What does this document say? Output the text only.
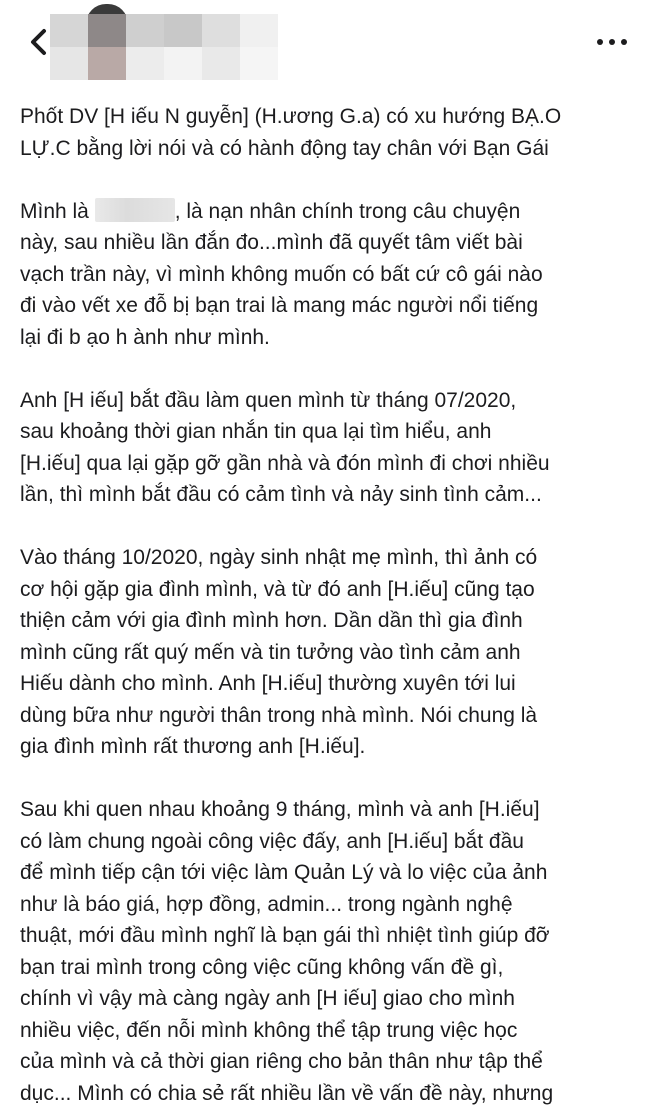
Phốt DV [H iếu N guyễn] (H.ương G.a) có xu hướng BẠ.O
LỰ.C bằng lời nói và có hành động tay chân với Bạn Gái
Mình là	, là nạn nhân chính trong câu chuyện
này, sau nhiều lần đắn đo...mình đã quyết tâm viết bài
vạch trần này, vì mình không muốn có bất cứ cô gái nào
đi vào vết xe đỗ bị bạn trai là mang mác người nổi tiếng
lại đi b ạo h ành như mình.
Anh [H iếu] bắt đầu làm quen mình từ tháng 07/2020,
sau khoảng thời gian nhắn tin qua lại tìm hiểu, anh
[H.iếu] qua lại gặp gỡ gần nhà và đón mình đi chơi nhiều
lần, thì mình bắt đầu có cảm tình và nảy sinh tình cảm...
Vào tháng 10/2020, ngày sinh nhật mẹ mình, thì ảnh có
cơ hội gặp gia đình mình, và từ đó anh [H.iếu] cũng tạo
thiện cảm với gia đình mình hơn. Dần dần thì gia đình
mình cũng rất quý mến và tin tưởng vào tình cảm anh
Hiếu dành cho mình. Anh [H.iếu] thường xuyên tới lui
dùng bữa như người thân trong nhà mình. Nói chung là
gia đình mình rất thương anh [H.iếu].
Sau khi quen nhau khoảng 9 tháng, mình và anh [H.iếu]
có làm chung ngoài công việc đấy, anh [H.iếu] bắt đầu
để mình tiếp cận tới việc làm Quản Lý và lo việc của ảnh
như là báo giá, hợp đồng, admin... trong ngành nghệ
thuật, mới đầu mình nghĩ là bạn gái thì nhiệt tình giúp đỡ
bạn trai mình trong công việc cũng không vấn đề gì,
chính vì vậy mà càng ngày anh [H iếu] giao cho mình
nhiều việc, đến nỗi mình không thể tập trung việc học
của mình và cả thời gian riêng cho bản thân như tập thể
dục... Mình có chia sẻ rất nhiều lần về vấn đề này, nhưng
